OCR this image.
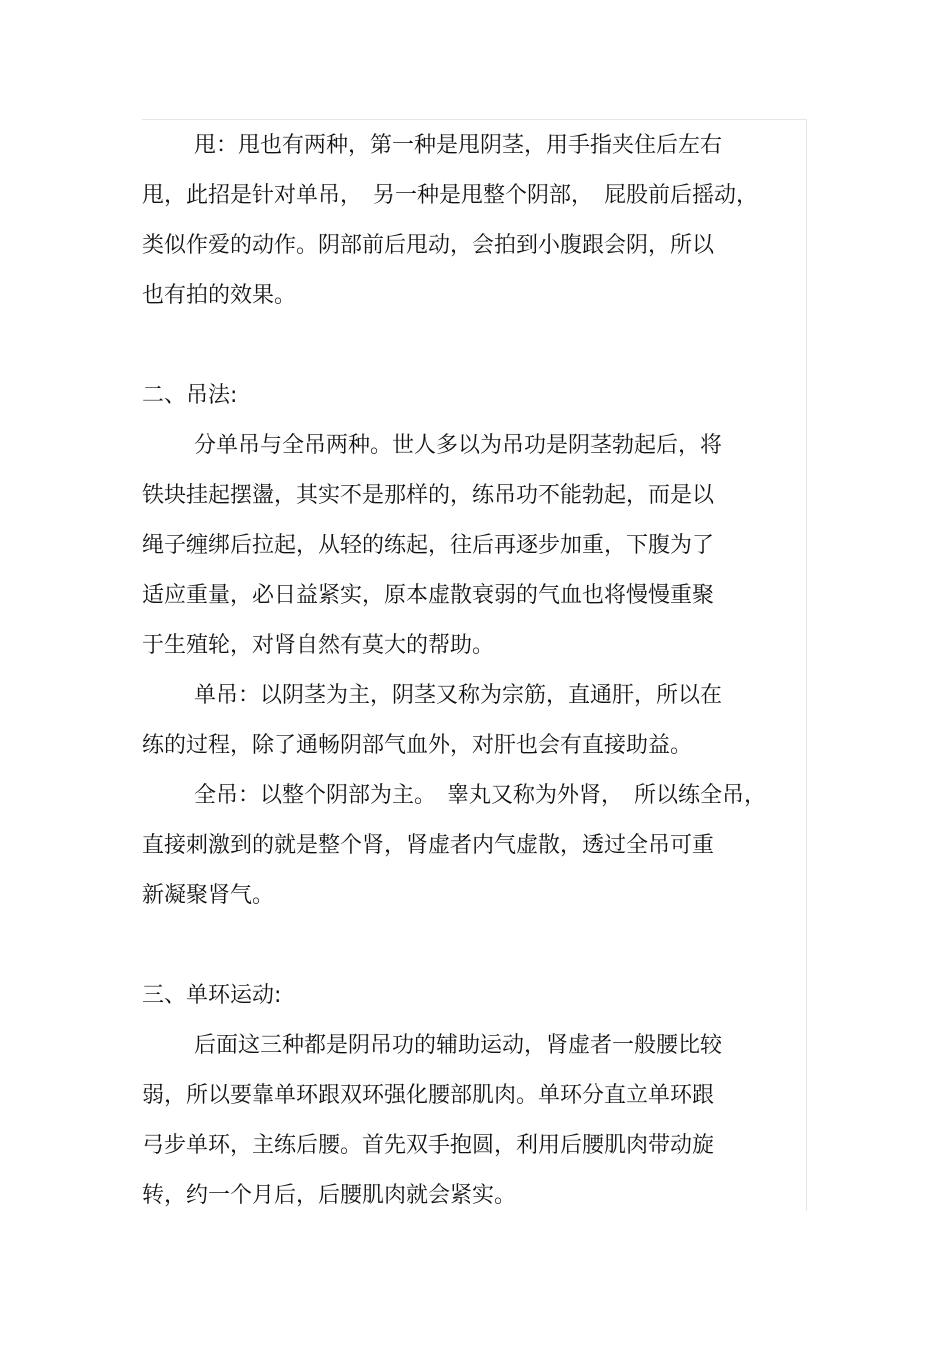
甩：甩也有两种，第一种是甩阴茎，用手指夹住后左右
甩，此招是针对单吊，　另一种是甩整个阴部，　屁股前后摇动，
类似作爱的动作。阴部前后甩动，会拍到小腹跟会阴，所以
也有拍的效果。
二、吊法:
分单吊与全吊两种。世人多以为吊功是阴茎勃起后，将
铁块挂起摆盪，其实不是那样的，练吊功不能勃起，而是以
绳子缠绑后拉起，从轻的练起，往后再逐步加重，下腹为了
适应重量，必日益紧实，原本虚散衰弱的气血也将慢慢重聚
于生殖轮，对肾自然有莫大的帮助。
单吊：以阴茎为主，阴茎又称为宗筋，直通肝，所以在
练的过程，除了通畅阴部气血外，对肝也会有直接助益。
全吊：以整个阴部为主。　睾丸又称为外肾，　所以练全吊，
直接刺激到的就是整个肾，肾虚者内气虚散，透过全吊可重
新凝聚肾气。
三、单环运动:
后面这三种都是阴吊功的辅助运动，肾虚者一般腰比较
弱，所以要靠单环跟双环强化腰部肌肉。单环分直立单环跟
弓步单环，主练后腰。首先双手抱圆，利用后腰肌肉带动旋
转，约一个月后，后腰肌肉就会紧实。
